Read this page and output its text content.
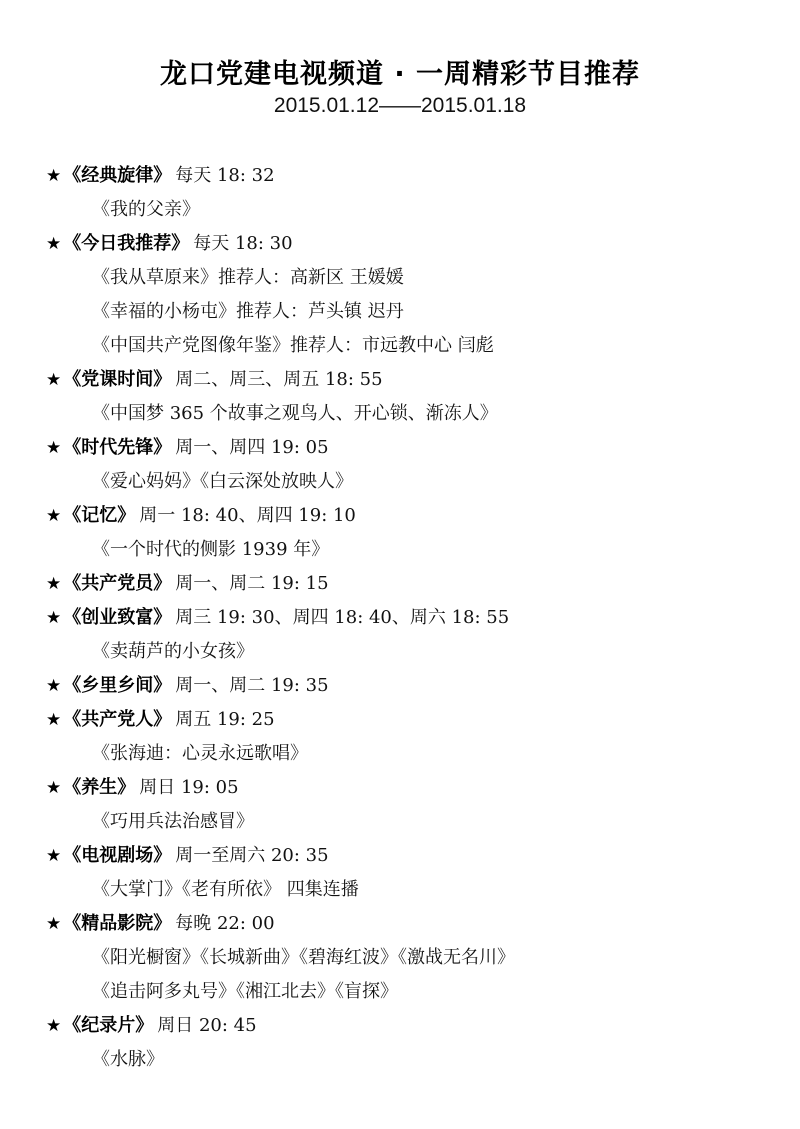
龙口党建电视频道 · 一周精彩节目推荐
2015.01.12——2015.01.18
★ 《经典旋律》 每天 18: 32
《我的父亲》
★ 《今日我推荐》 每天 18: 30
《我从草原来》推荐人：高新区 王媛媛
《幸福的小杨屯》推荐人：芦头镇 迟丹
《中国共产党图像年鉴》推荐人：市远教中心 闫彪
★ 《党课时间》 周二、周三、周五 18: 55
《中国梦 365 个故事之观鸟人、开心锁、渐冻人》
★ 《时代先锋》 周一、周四 19: 05
《爱心妈妈》《白云深处放映人》
★ 《记忆》 周一 18: 40、周四 19: 10
《一个时代的侧影 1939 年》
★ 《共产党员》 周一、周二 19: 15
★ 《创业致富》 周三 19: 30、周四 18: 40、周六 18: 55
《卖葫芦的小女孩》
★ 《乡里乡间》 周一、周二 19: 35
★ 《共产党人》 周五 19: 25
《张海迪：心灵永远歌唱》
★ 《养生》 周日 19: 05
《巧用兵法治感冒》
★ 《电视剧场》 周一至周六 20: 35
《大掌门》《老有所依》 四集连播
★ 《精品影院》 每晚 22: 00
《阳光橱窗》《长城新曲》《碧海红波》《激战无名川》
《追击阿多丸号》《湘江北去》《盲探》
★ 《纪录片》 周日 20: 45
《水脉》
